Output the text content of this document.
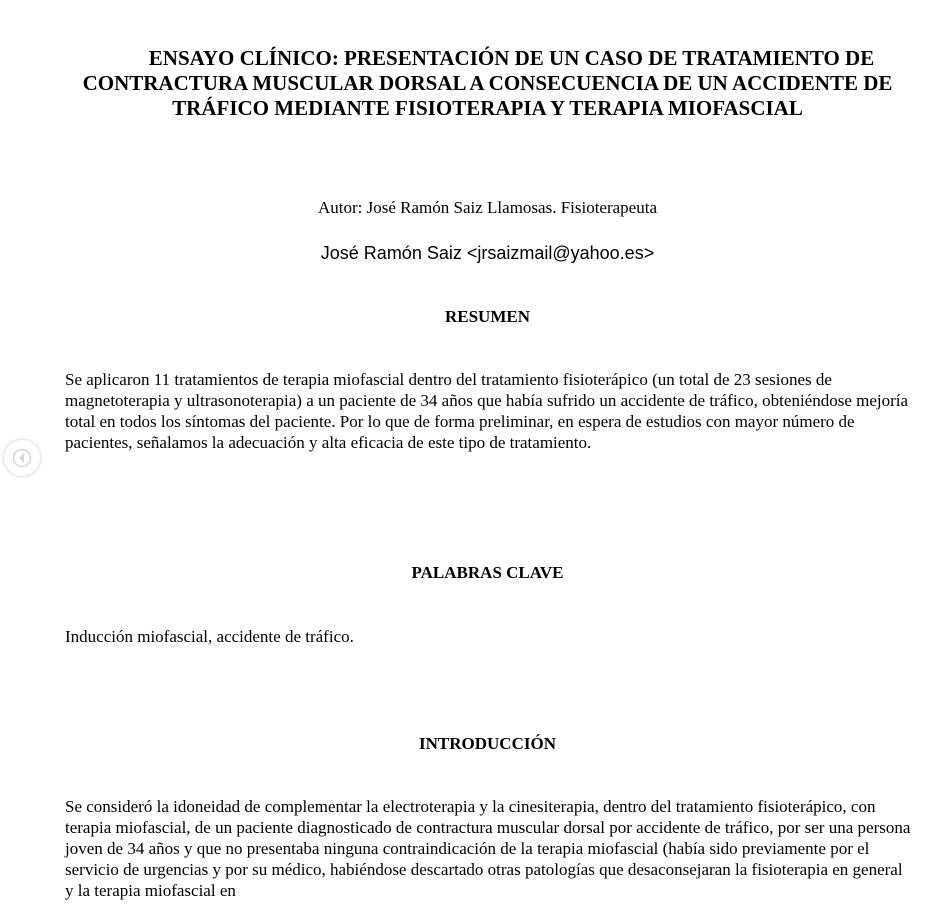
ENSAYO CLÍNICO: PRESENTACIÓN DE UN CASO DE TRATAMIENTO DE CONTRACTURA MUSCULAR DORSAL A CONSECUENCIA DE UN ACCIDENTE DE TRÁFICO MEDIANTE FISIOTERAPIA Y TERAPIA MIOFASCIAL
Autor: José Ramón Saiz Llamosas. Fisioterapeuta
José Ramón Saiz <jrsaizmail@yahoo.es>
RESUMEN

Se aplicaron 11 tratamientos de terapia miofascial dentro del tratamiento fisioterápico (un total de 23 sesiones de magnetoterapia y ultrasonoterapia) a un paciente de 34 años que había sufrido un accidente de tráfico, obteniéndose mejoría total en todos los síntomas del paciente. Por lo que de forma preliminar, en espera de estudios con mayor número de pacientes, señalamos la adecuación y alta eficacia de este tipo de tratamiento.

PALABRAS CLAVE

Inducción miofascial, accidente de tráfico.

INTRODUCCIÓN

Se consideró la idoneidad de complementar la electroterapia y la cinesiterapia, dentro del tratamiento fisioterápico, con terapia miofascial, de un paciente diagnosticado de contractura muscular dorsal por accidente de tráfico, por ser una persona joven de 34 años y que no presentaba ninguna contraindicación de la terapia miofascial (había sido previamente por el servicio de urgencias y por su médico, habiéndose descartado otras patologías que desaconsejaran la fisioterapia en general y la terapia miofascial en
